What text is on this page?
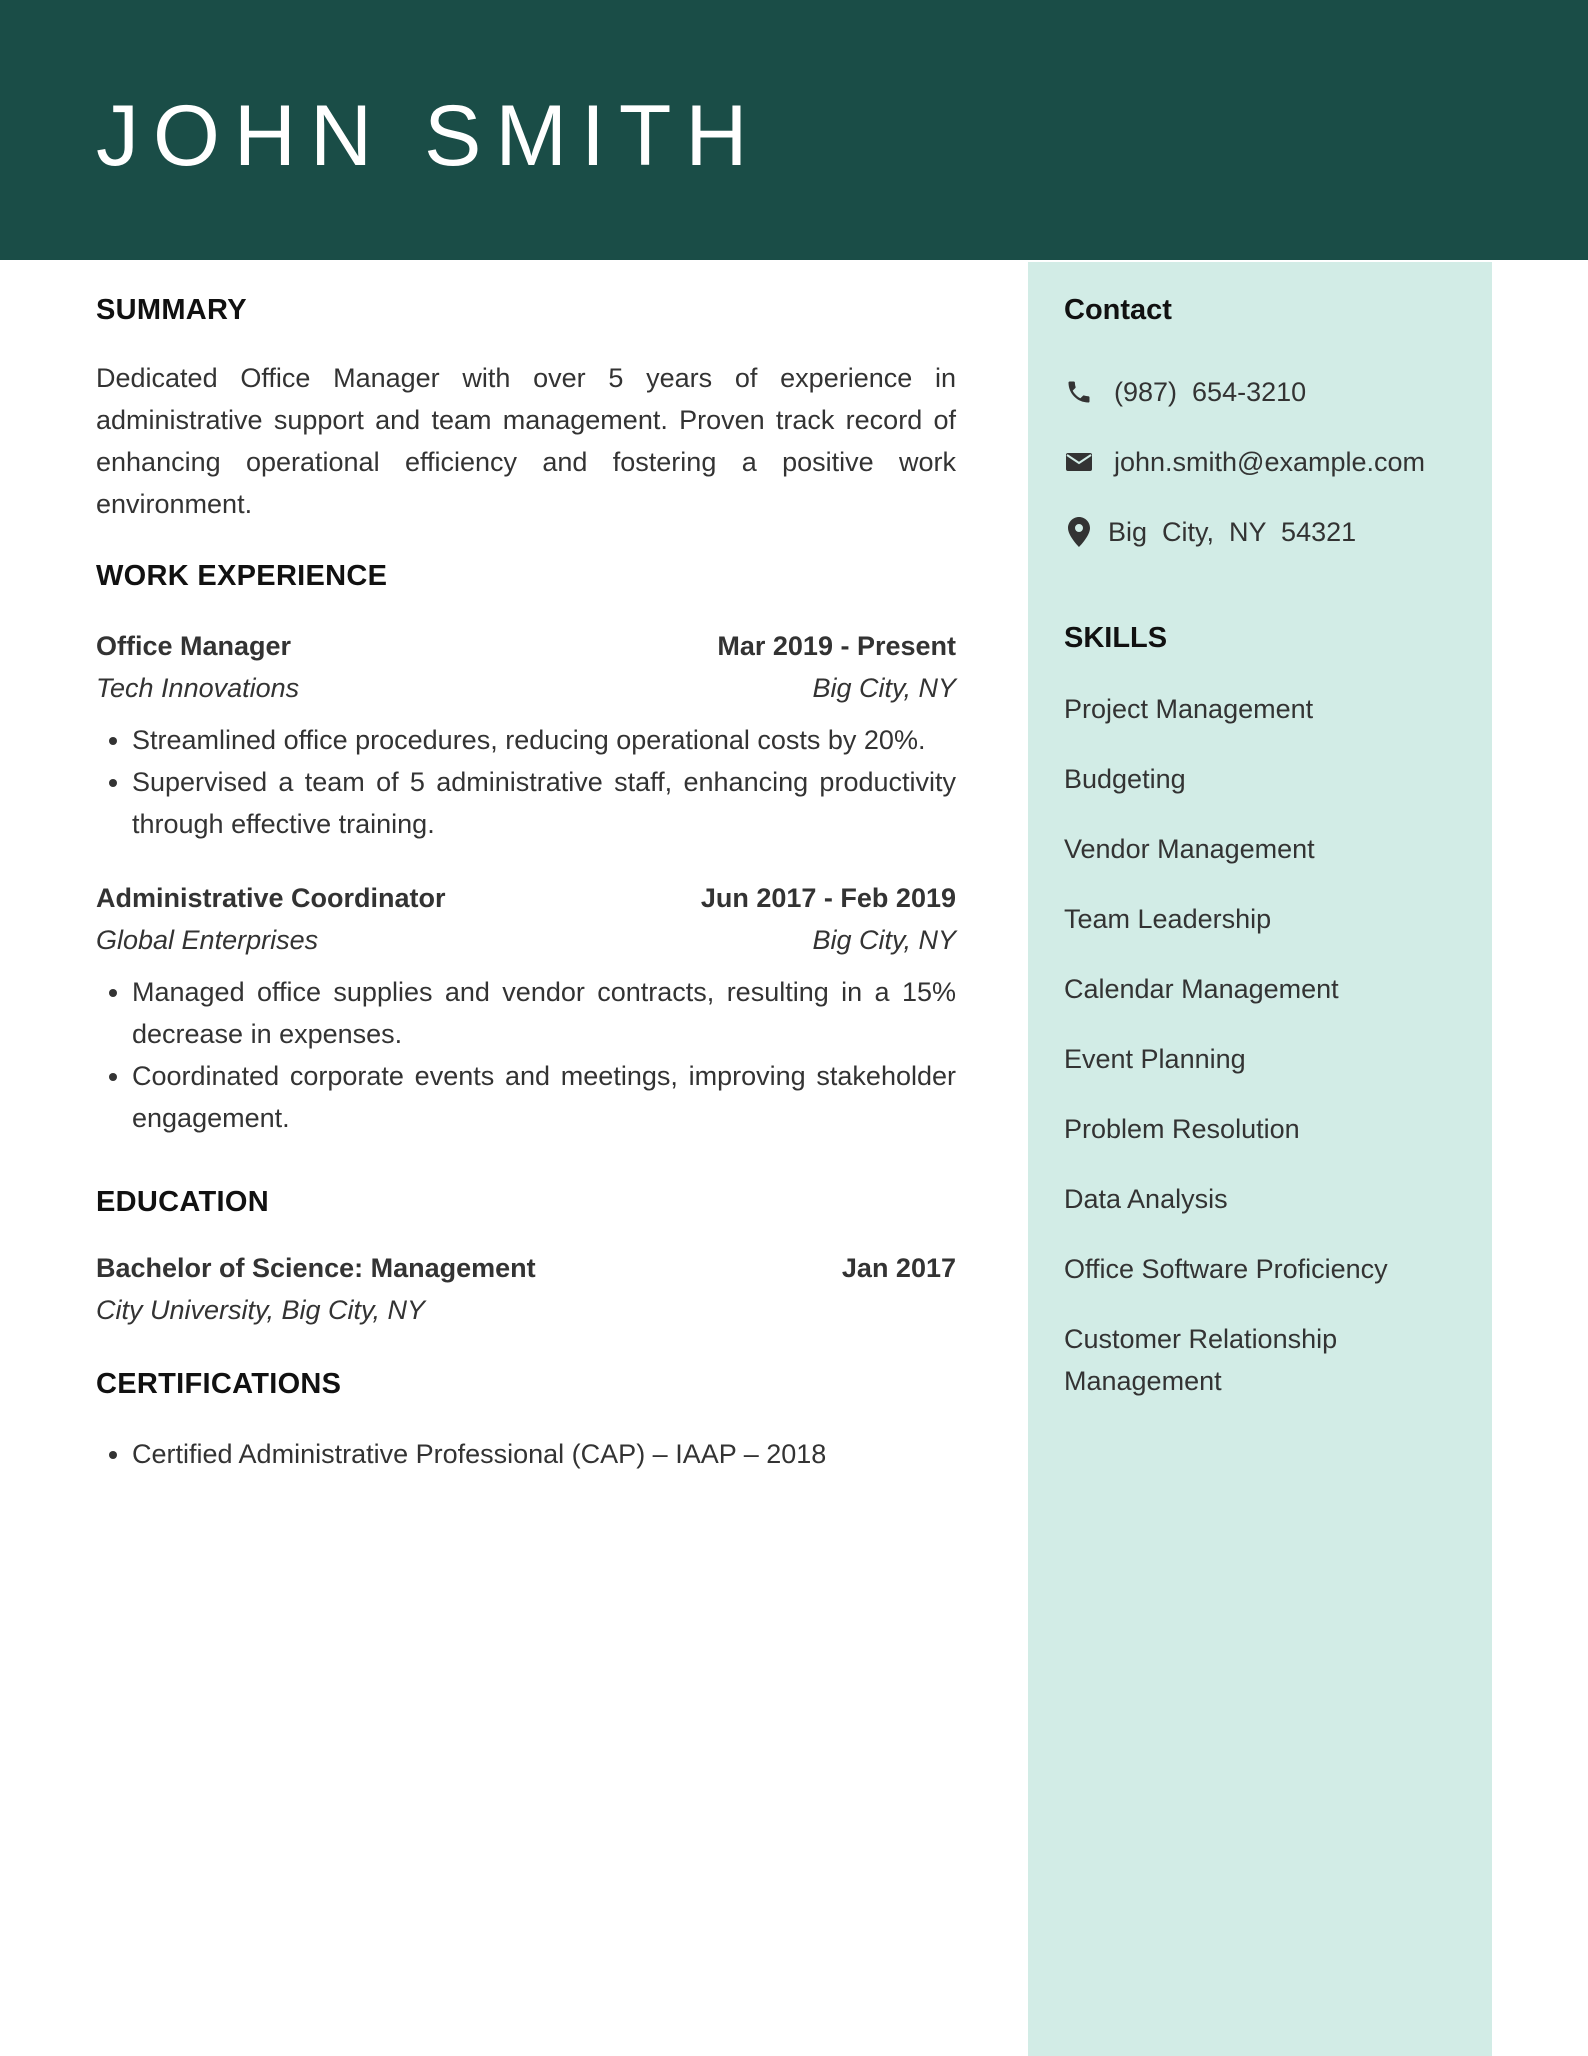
JOHN SMITH
Contact
(987)  654-3210
john.smith@example.com
Big  City,  NY  54321
SKILLS
Project Management
Budgeting
Vendor Management
Team Leadership
Calendar Management
Event Planning
Problem Resolution
Data Analysis
Office Software Proficiency
Customer Relationship Management
SUMMARY

Dedicated Office Manager with over 5 years of experience in administrative support and team management. Proven track record of enhancing operational efficiency and fostering a positive work environment.

WORK EXPERIENCE
Office Manager	Mar 2019 - Present
Tech Innovations	Big City, NY
• Streamlined office procedures, reducing operational costs by 20%.
• Supervised a team of 5 administrative staff, enhancing productivity through effective training.
Administrative Coordinator	Jun 2017 - Feb 2019
Global Enterprises	Big City, NY
• Managed office supplies and vendor contracts, resulting in a 15% decrease in expenses.
• Coordinated corporate events and meetings, improving stakeholder engagement.
EDUCATION
Bachelor of Science: Management	Jan 2017
City University, Big City, NY
CERTIFICATIONS
• Certified Administrative Professional (CAP) – IAAP – 2018
